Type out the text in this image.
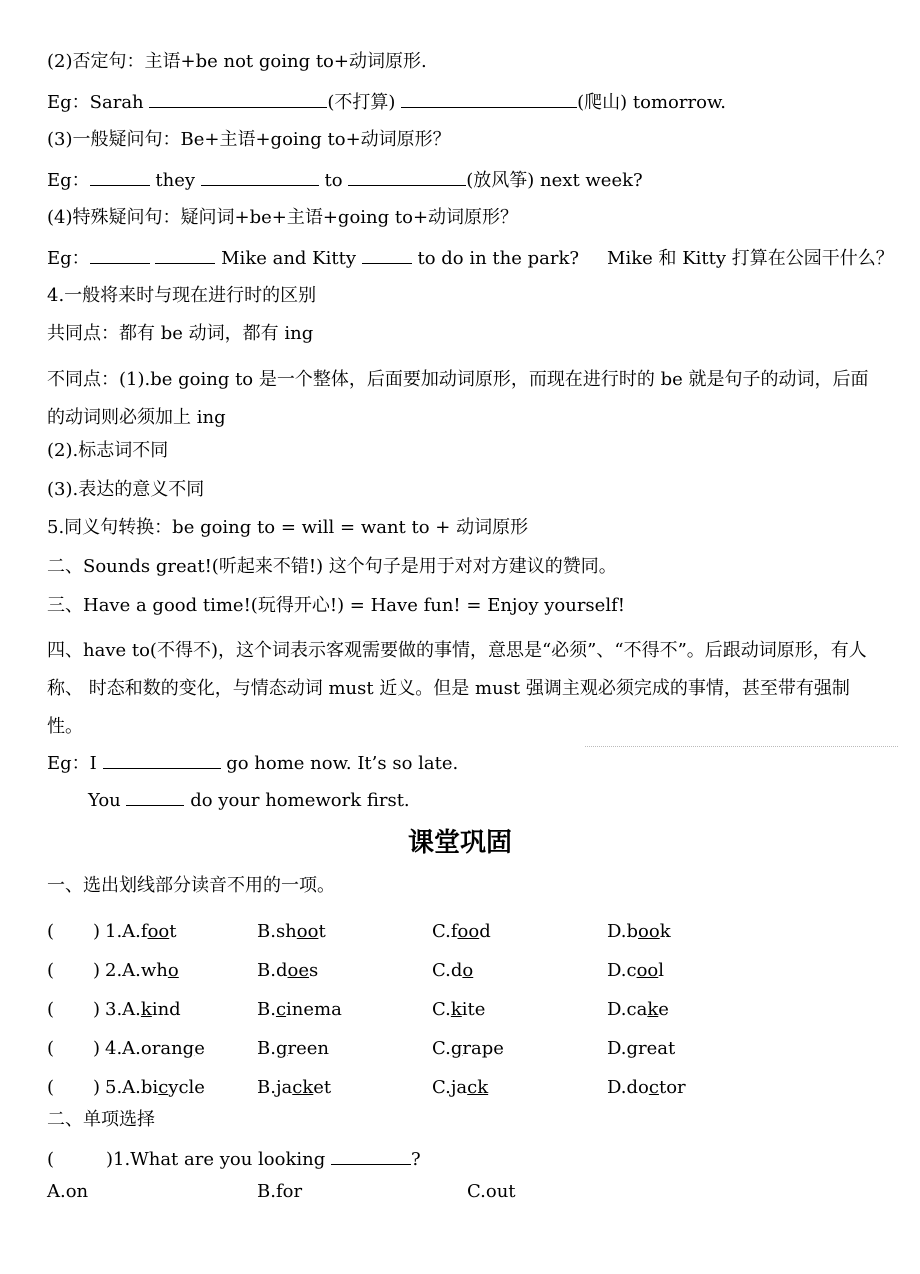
(2)否定句：主语+be not going to+动词原形.
Eg：Sarah	(不打算)	(爬山) tomorrow.
(3)一般疑问句：Be+主语+going to+动词原形？
Eg：	they	to	(放风筝) next week?
(4)特殊疑问句：疑问词+be+主语+going to+动词原形？
Eg：	Mike and Kitty	to do in the park? Mike 和 Kitty 打算在公园干什么？
4.一般将来时与现在进行时的区别
共同点：都有 be 动词，都有 ing
不同点：(1).be going to 是一个整体，后面要加动词原形，而现在进行时的 be 就是句子的动词，后面的动词则必须加上 ing
(2).标志词不同
(3).表达的意义不同
5.同义句转换：be going to = will = want to + 动词原形
二、Sounds great!(听起来不错!) 这个句子是用于对对方建议的赞同。
三、Have a good time!(玩得开心!) = Have fun! = Enjoy yourself!
四、have to(不得不)，这个词表示客观需要做的事情，意思是“必须”、“不得不”。后跟动词原形，有人称、 时态和数的变化，与情态动词 must 近义。但是 must 强调主观必须完成的事情，甚至带有强制性。
Eg：I	go home now. It’s so late.
You	do your homework first.
课堂巩固
一、选出划线部分读音不用的一项。
( ) 1.A.foot	B.shoot	C.food	D.book
( ) 2.A.who	B.does	C.do	D.cool
( ) 3.A.kind	B.cinema	C.kite	D.cake
( ) 4.A.orange	B.green	C.grape	D.great
( ) 5.A.bicycle	B.jacket	C.jack	D.doctor
二、单项选择
(	)1.What are you looking	?
A.on	B.for	C.out
